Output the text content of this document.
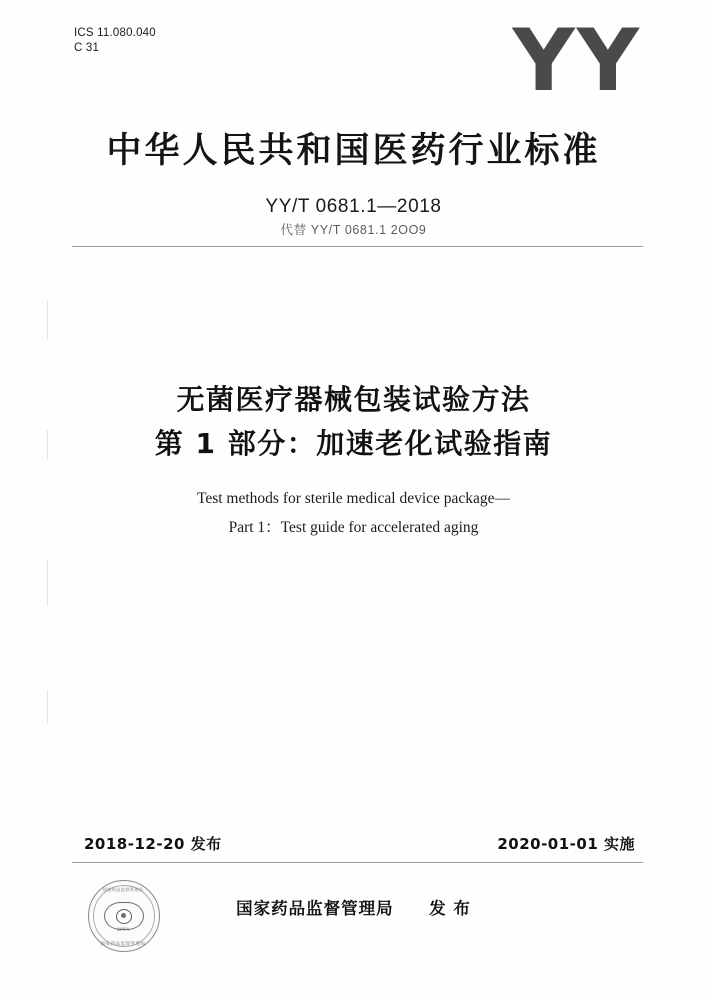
ICS 11.080.040
C 31	YY
中华人民共和国医药行业标准
YY/T 0681.1—2018
代替 YY/T 0681.1 2OO9
无菌医疗器械包装试验方法
第 1 部分：加速老化试验指南
Test methods for sterile medical device package—
Part 1：Test guide for accelerated aging
2018-12-20 发布	2020-01-01 实施
国家药品监督管理局
NMPA
国家药品监督管理局
国家药品监督管理局 发 布
